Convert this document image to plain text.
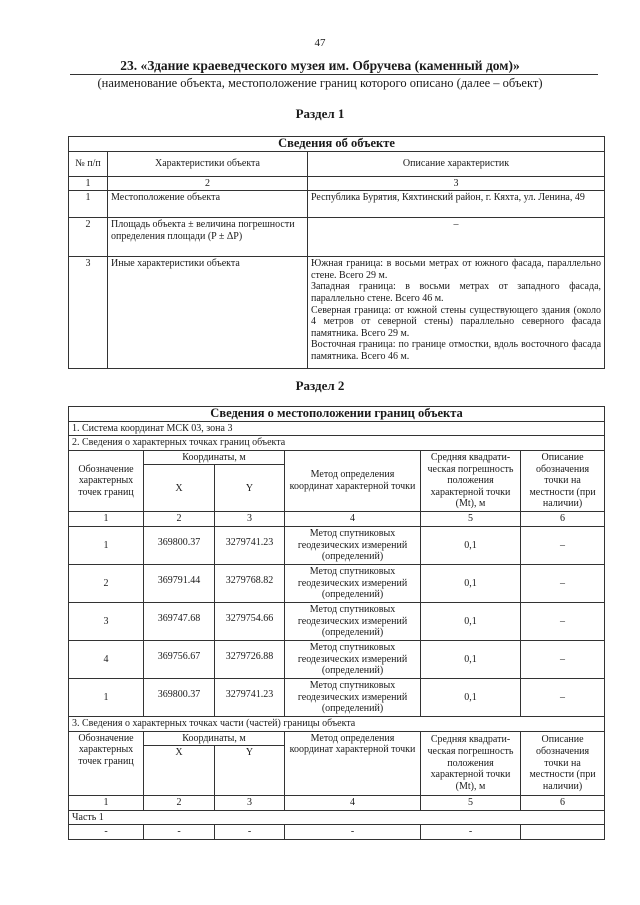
47
23. «Здание краеведческого музея им. Обручева (каменный дом)»
(наименование объекта, местоположение границ которого описано (далее – объект)
Раздел 1
Сведения об объекте		
№ п/п	Характеристики объекта	Описание характеристик
1	2	3
1	Местоположение объекта	Республика Бурятия, Кяхтинский район, г. Кяхта, ул. Ленина, 49

2	Площадь объекта ± величина погрешности определения площади (P ± ΔP)	–

3	Иные характеристики объекта	Южная граница: в восьми метрах от южного фасада, параллельно стене. Всего 29 м.
Западная граница: в восьми метрах от западного фасада, параллельно стене. Всего 46 м.
Северная граница: от южной стены существующего здания (около 4 метров от северной стены) параллельно северного фасада памятника. Всего 29 м.
Восточная граница: по границе отмостки, вдоль восточного фасада памятника. Всего 46 м.
Раздел 2
Сведения о местоположении границ объекта					
1. Система координат МСК 03, зона 3					
2. Сведения о характерных точках границ объекта					
Обозначение характерных точек границ	Координаты, м		Метод определения координат характерной точки	Средняя квадрати-ческая погрешность положения характерной точки (Mt), м	Описание обозначения точки на местности (при наличии)
	X	Y			
1	2	3	4	5	6
1	369800.37	3279741.23	Метод спутниковых геодезических измерений (определений)	0,1	–
2	369791.44	3279768.82	Метод спутниковых геодезических измерений (определений)	0,1	–
3	369747.68	3279754.66	Метод спутниковых геодезических измерений (определений)	0,1	–
4	369756.67	3279726.88	Метод спутниковых геодезических измерений (определений)	0,1	–
1	369800.37	3279741.23	Метод спутниковых геодезических измерений (определений)	0,1	–
3. Сведения о характерных точках части (частей) границы объекта					
Обозначение характерных точек границ	Координаты, м		Метод определения координат характерной точки	Средняя квадрати-ческая погрешность положения характерной точки (Mt), м	Описание обозначения точки на местности (при наличии)
	X	Y			
1	2	3	4	5	6
Часть 1					
-	-	-	-	-	
